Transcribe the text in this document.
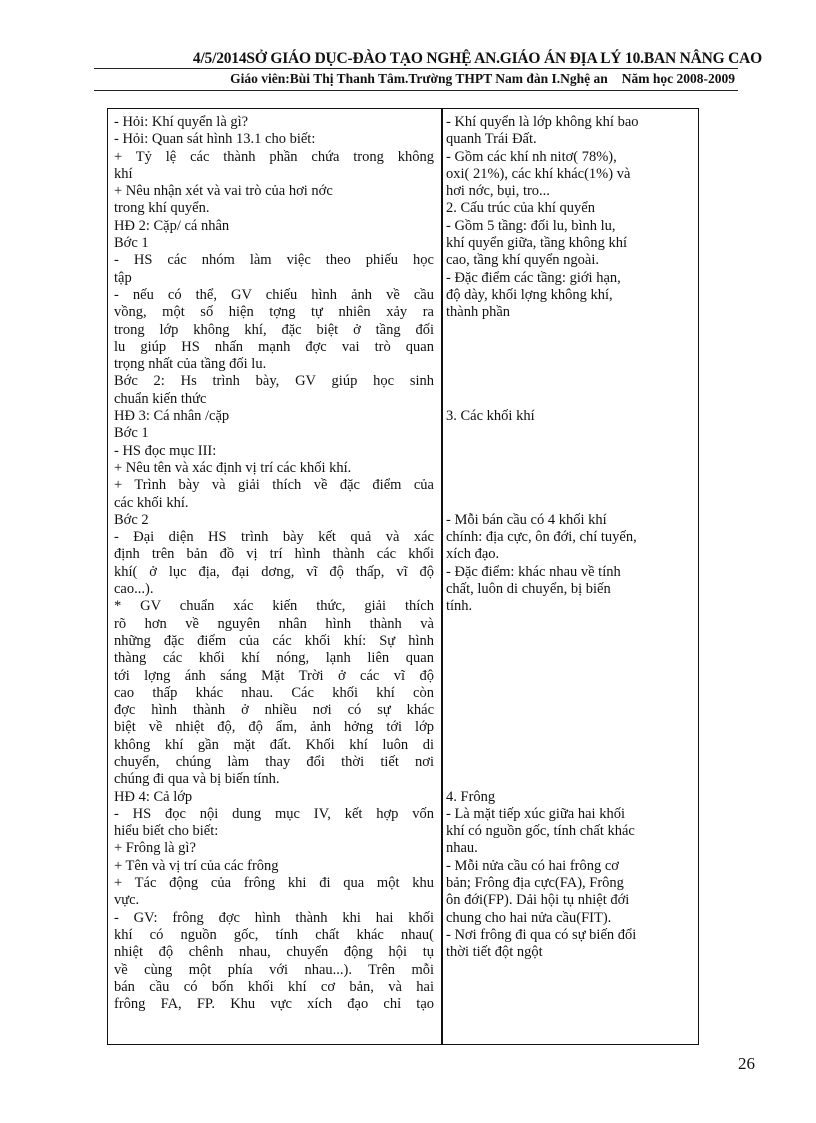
4/5/2014SỞ GIÁO DỤC-ĐÀO TẠO NGHỆ AN.GIÁO ÁN ĐỊA LÝ 10.BAN NÂNG CAO
Giáo viên:Bùi Thị Thanh Tâm.Trường THPT Nam đàn I.Nghệ an Năm học 2008-2009
- Hỏi: Khí quyển là gì?
- Hỏi: Quan sát hình 13.1 cho biết:
+ Tỷ lệ các thành phần chứa trong không
khí
+ Nêu nhận xét và vai trò của hơi nớc
trong khí quyển.
HĐ 2: Cặp/ cá nhân
Bớc 1
- HS các nhóm làm việc theo phiếu học
tập
- nếu có thể, GV chiếu hình ảnh về cầu
vồng, một số hiện tợng tự nhiên xảy ra
trong lớp không khí, đặc biệt ở tầng đối
lu giúp HS nhấn mạnh đợc vai trò quan
trọng nhất của tầng đối lu.
Bớc 2: Hs trình bày, GV giúp học sinh
chuẩn kiến thức
HĐ 3: Cá nhân /cặp
Bớc 1
- HS đọc mục III:
+ Nêu tên và xác định vị trí các khối khí.
+ Trình bày và giải thích về đặc điểm của
các khối khí.
Bớc 2
- Đại diện HS trình bày kết quả và xác
định trên bản đồ vị trí hình thành các khối
khí( ở lục địa, đại dơng, vĩ độ thấp, vĩ độ
cao...).
* GV chuẩn xác kiến thức, giải thích
rõ hơn về nguyên nhân hình thành và
những đặc điểm của các khối khí: Sự hình
thàng các khối khí nóng, lạnh liên quan
tới lợng ánh sáng Mặt Trời ở các vĩ độ
cao thấp khác nhau. Các khối khí còn
đợc hình thành ở nhiều nơi có sự khác
biệt về nhiệt độ, độ ẩm, ảnh hởng tới lớp
không khí gần mặt đất. Khối khí luôn di
chuyển, chúng làm thay đổi thời tiết nơi
chúng đi qua và bị biến tính.
HĐ 4: Cả lớp
- HS đọc nội dung mục IV, kết hợp vốn
hiểu biết cho biết:
+ Frông là gì?
+ Tên và vị trí của các frông
+ Tác động của frông khi đi qua một khu
vực.
- GV: frông đợc hình thành khi hai khối
khí có nguồn gốc, tính chất khác nhau(
nhiệt độ chênh nhau, chuyển động hội tụ
về cùng một phía với nhau...). Trên mỗi
bán cầu có bốn khối khí cơ bản, và hai
frông FA, FP. Khu vực xích đạo chỉ tạo
- Khí quyển là lớp không khí bao
quanh Trái Đất.
- Gồm các khí nh nitơ( 78%),
oxi( 21%), các khí khác(1%) và
hơi nớc, bụi, tro...
2. Cấu trúc của khí quyển
- Gồm 5 tầng: đối lu, bình lu,
khí quyển giữa, tầng không khí
cao, tầng khí quyển ngoài.
- Đặc điểm các tầng: giới hạn,
độ dày, khối lợng không khí,
thành phần
3. Các khối khí
- Mỗi bán cầu có 4 khối khí
chính: địa cực, ôn đới, chí tuyến,
xích đạo.
- Đặc điểm: khác nhau về tính
chất, luôn di chuyển, bị biến
tính.
4. Frông
- Là mặt tiếp xúc giữa hai khối
khí có nguồn gốc, tính chất khác
nhau.
- Mỗi nửa cầu có hai frông cơ
bản; Frông địa cực(FA), Frông
ôn đới(FP). Dải hội tụ nhiệt đới
chung cho hai nửa cầu(FIT).
- Nơi frông đi qua có sự biến đổi
thời tiết đột ngột
26
